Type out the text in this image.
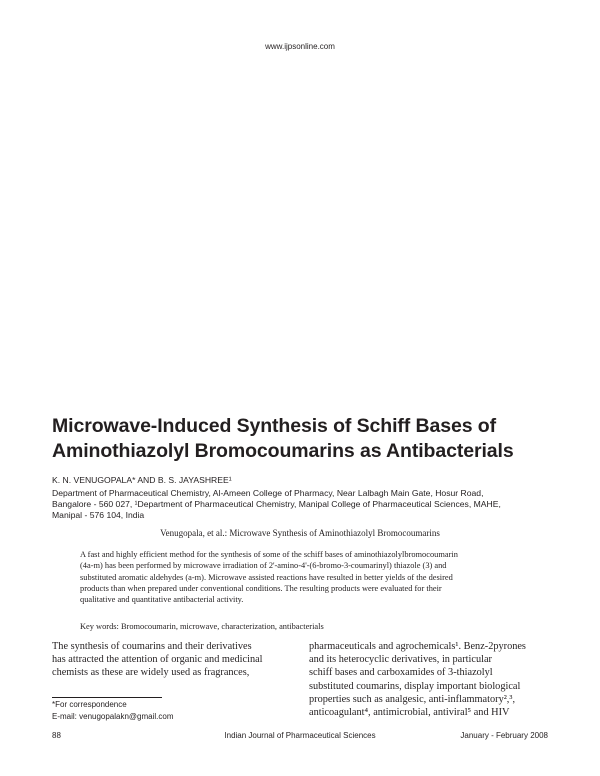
www.ijpsonline.com
Microwave-Induced Synthesis of Schiff Bases of
Aminothiazolyl Bromocoumarins as Antibacterials
K. N. VENUGOPALA* AND B. S. JAYASHREE¹
Department of Pharmaceutical Chemistry, Al-Ameen College of Pharmacy, Near Lalbagh Main Gate, Hosur Road,
Bangalore - 560 027, ¹Department of Pharmaceutical Chemistry, Manipal College of Pharmaceutical Sciences, MAHE,
Manipal - 576 104, India
Venugopala, et al.: Microwave Synthesis of Aminothiazolyl Bromocoumarins
A fast and highly efficient method for the synthesis of some of the schiff bases of aminothiazolylbromocoumarin
(4a-m) has been performed by microwave irradiation of 2'-amino-4'-(6-bromo-3-coumarinyl) thiazole (3) and
substituted aromatic aldehydes (a-m). Microwave assisted reactions have resulted in better yields of the desired
products than when prepared under conventional conditions. The resulting products were evaluated for their
qualitative and quantitative antibacterial activity.
Key words: Bromocoumarin, microwave, characterization, antibacterials
The synthesis of coumarins and their derivatives
has attracted the attention of organic and medicinal
chemists as these are widely used as fragrances,
pharmaceuticals and agrochemicals¹. Benz-2pyrones
and its heterocyclic derivatives, in particular
schiff bases and carboxamides of 3-thiazolyl
substituted coumarins, display important biological
properties such as analgesic, anti-inflammatory²,³,
anticoagulant⁴, antimicrobial, antiviral⁵ and HIV
*For correspondence
E-mail: venugopalakn@gmail.com
88	Indian Journal of Pharmaceutical Sciences	January - February 2008
